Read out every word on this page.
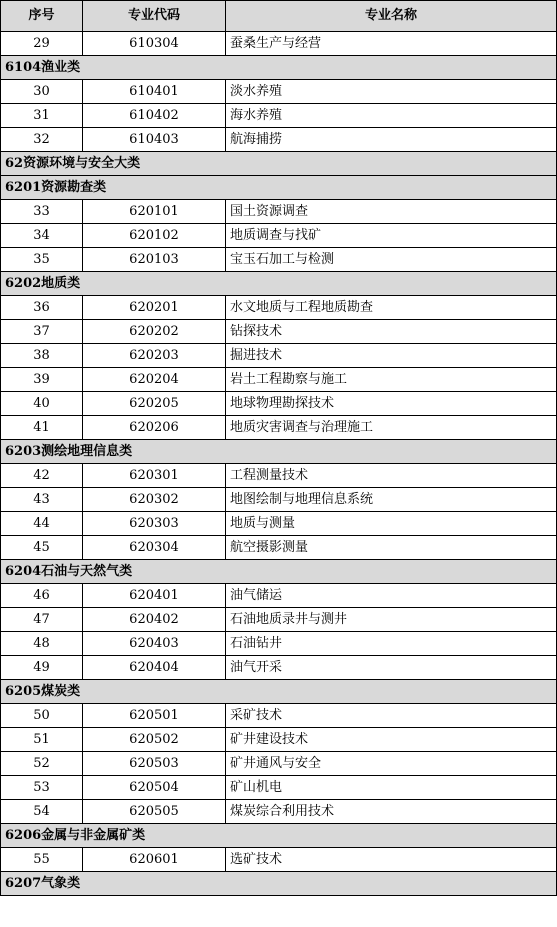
序号	专业代码	专业名称
29	610304	蚕桑生产与经营
6104渔业类		
30	610401	淡水养殖
31	610402	海水养殖
32	610403	航海捕捞
62资源环境与安全大类		
6201资源勘查类		
33	620101	国土资源调查
34	620102	地质调查与找矿
35	620103	宝玉石加工与检测
6202地质类		
36	620201	水文地质与工程地质勘查
37	620202	钻探技术
38	620203	掘进技术
39	620204	岩土工程勘察与施工
40	620205	地球物理勘探技术
41	620206	地质灾害调查与治理施工
6203测绘地理信息类		
42	620301	工程测量技术
43	620302	地图绘制与地理信息系统
44	620303	地质与测量
45	620304	航空摄影测量
6204石油与天然气类		
46	620401	油气储运
47	620402	石油地质录井与测井
48	620403	石油钻井
49	620404	油气开采
6205煤炭类		
50	620501	采矿技术
51	620502	矿井建设技术
52	620503	矿井通风与安全
53	620504	矿山机电
54	620505	煤炭综合利用技术
6206金属与非金属矿类		
55	620601	选矿技术
6207气象类		
